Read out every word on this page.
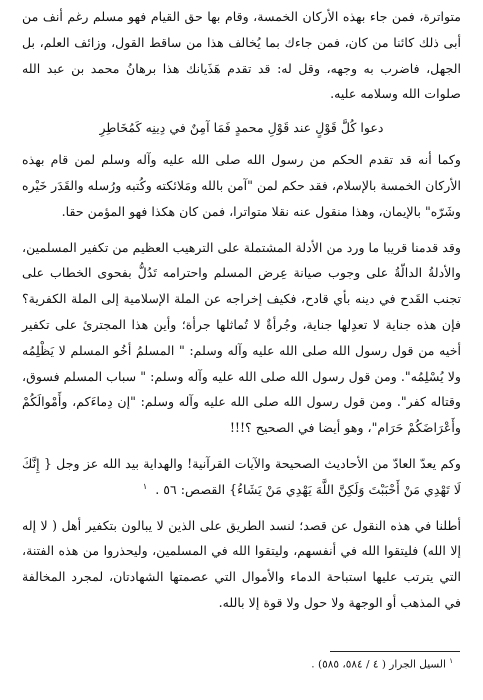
متواترة، فمن جاء بهذه الأركان الخمسة، وقام بها حق القيام فهو مسلم رغم أنف من أبى ذلك كائنا من كان، فمن جاءك بما يُخالف هذا من ساقط القول، وزائف العلم، بل الجهل، فاضرب به وجهه، وقل له: قد تقدم هَذَيانك هذا برهانُ محمد بن عبد الله صلوات الله وسلامه عليه.

دعوا كُلَّ قَوْلٍ عند قَوْلِ محمدٍ فَمَا آمِنٌ في دِينِه كَمُخَاطِرِ

وكما أنه قد تقدم الحكم من رسول الله صلى الله عليه وآله وسلم لمن قام بهذه الأركان الخمسة بالإسلام، فقد حكم لمن "آمن بالله ومَلائكته وكُتبه ورُسله والقَدَر خَيْره وشَرّه" بالإيمان، وهذا منقول عنه نقلا متواترا، فمن كان هكذا فهو المؤمن حقا.

وقد قدمنا قريبا ما ورد من الأدلة المشتملة على الترهيب العظيم من تكفير المسلمين، والأدلةُ الدالّةُ على وجوب صيانة عِرض المسلم واحترامه تَدُلُّ بفحوى الخطاب على تجنب القَدح في دينه بأي قادح، فكيف إخراجه عن الملة الإسلامية إلى الملة الكفرية؟ فإن هذه جناية لا تعدِلها جناية، وجُرأةٌ لا تُماثلها جرأة؛ وأين هذا المجترئ على تكفير أخيه من قول رسول الله صلى الله عليه وآله وسلم: " المسلمُ أخُو المسلم لا يَظْلِمُه ولا يُسْلِمُه". ومن قول رسول الله صلى الله عليه وآله وسلم: " سباب المسلم فسوق، وقتاله كفر". ومن قول رسول الله صلى الله عليه وآله وسلم: "إن دِماءَكم، وأَمْوالَكُمْ وأَعْرَاضَكُمْ حَرَام"، وهو أيضا في الصحيح ؟!!!

وكم يعدّ العادّ من الأحاديث الصحيحة والآيات القرآنية! والهداية بيد الله عز وجل { إِنَّكَ لَا تَهْدِي مَنْ أَحْبَبْتَ وَلَكِنَّ اللَّهَ يَهْدِي مَنْ يَشَاءُ} القصص: ٥٦ . $^١$

أطلنا في هذه النقول عن قصد؛ لنسد الطريق على الذين لا يبالون بتكفير أهل ( لا إله إلا الله) فليتقوا الله في أنفسهم، وليتقوا الله في المسلمين، وليحذروا من هذه الفتنة، التي يترتب عليها استباحة الدماء والأموال التي عصمتها الشهادتان، لمجرد المخالفة في المذهب أو الوجهة ولا حول ولا قوة إلا بالله.

$^١$ السيل الجرار ( ٤ / ٥٨٤، ٥٨٥) .
